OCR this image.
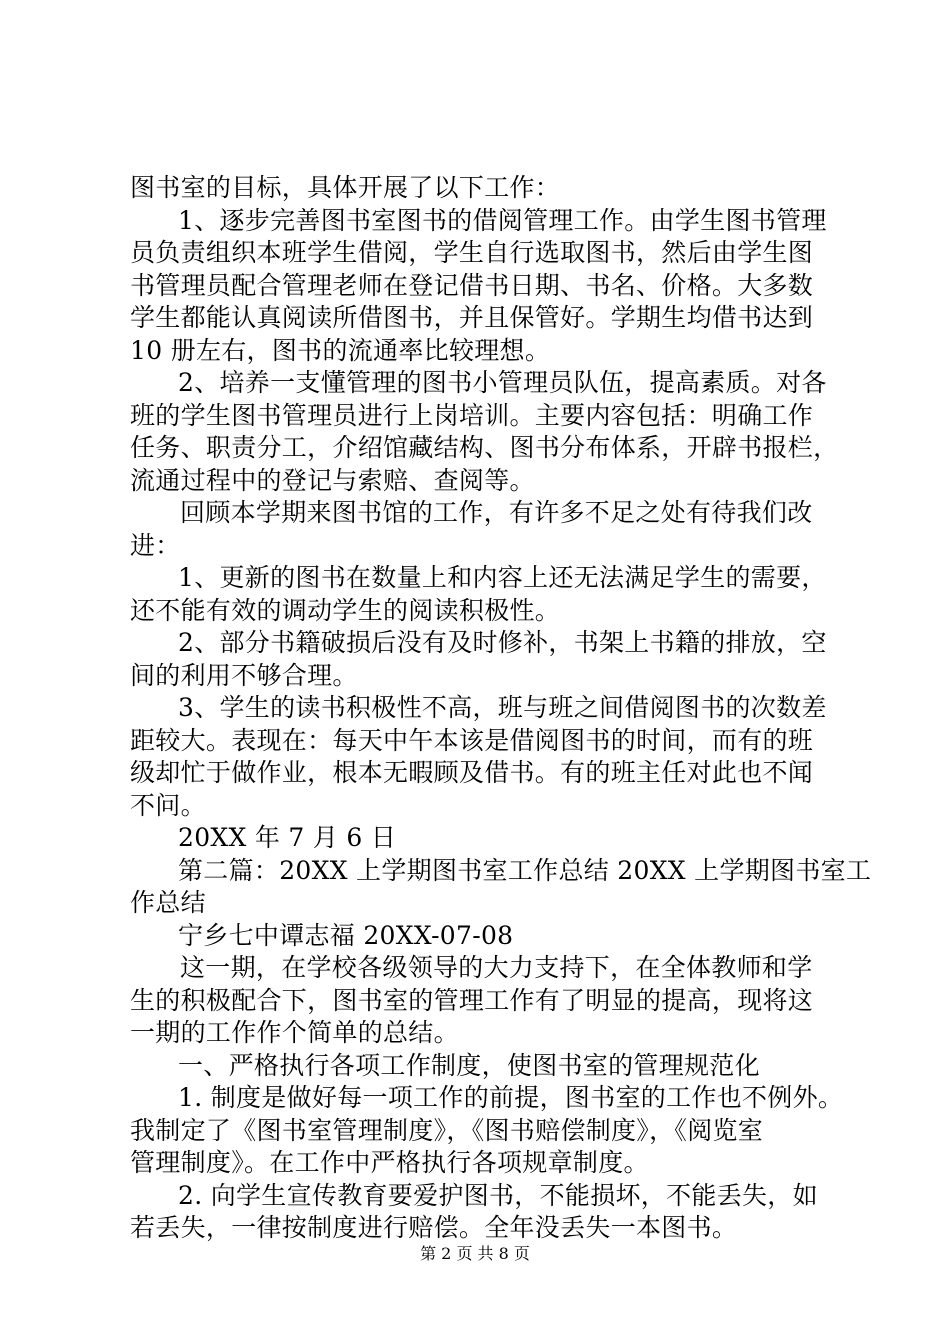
图书室的目标，具体开展了以下工作：
1、逐步完善图书室图书的借阅管理工作。由学生图书管理
员负责组织本班学生借阅，学生自行选取图书，然后由学生图
书管理员配合管理老师在登记借书日期、书名、价格。大多数
学生都能认真阅读所借图书，并且保管好。学期生均借书达到
10 册左右，图书的流通率比较理想。
2、培养一支懂管理的图书小管理员队伍，提高素质。对各
班的学生图书管理员进行上岗培训。主要内容包括：明确工作
任务、职责分工，介绍馆藏结构、图书分布体系，开辟书报栏，
流通过程中的登记与索赔、查阅等。
回顾本学期来图书馆的工作，有许多不足之处有待我们改
进：
1、更新的图书在数量上和内容上还无法满足学生的需要，
还不能有效的调动学生的阅读积极性。
2、部分书籍破损后没有及时修补，书架上书籍的排放，空
间的利用不够合理。
3、学生的读书积极性不高，班与班之间借阅图书的次数差
距较大。表现在：每天中午本该是借阅图书的时间，而有的班
级却忙于做作业，根本无暇顾及借书。有的班主任对此也不闻
不问。
20XX 年 7 月 6 日
第二篇：20XX 上学期图书室工作总结 20XX 上学期图书室工
作总结
宁乡七中谭志福 20XX-07-08
这一期，在学校各级领导的大力支持下，在全体教师和学
生的积极配合下，图书室的管理工作有了明显的提高，现将这
一期的工作作个简单的总结。
一、严格执行各项工作制度，使图书室的管理规范化
1. 制度是做好每一项工作的前提，图书室的工作也不例外。
我制定了《图书室管理制度》，《图书赔偿制度》，《阅览室
管理制度》。在工作中严格执行各项规章制度。
2. 向学生宣传教育要爱护图书，不能损坏，不能丢失，如
若丢失，一律按制度进行赔偿。全年没丢失一本图书。
第 2 页 共 8 页
